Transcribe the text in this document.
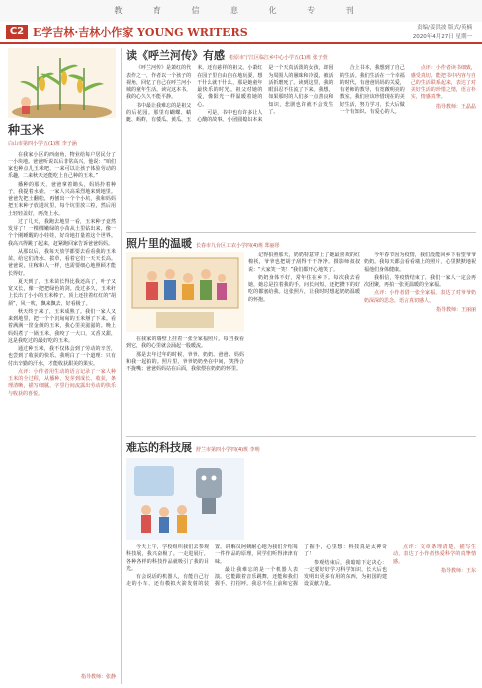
教 育 信 息 化 专 刊
C2 E学吉林·吉林小作家 YOUNG WRITERS	责编/姜洪波 版式/英楠
2020年4月27日 星期一
种玉米
白山市第四小学五(1)班 李子涵

在我家小区的西南角，物业给每户居民分了一小块地。爸爸听说以后非常高兴，他说：“咱们家也种点儿玉米吧，一来可以让孩子体验劳动的乐趣，二来秋天还能吃上自己种的玉米。”

播种的那天，爸爸拿着锄头，妈妈拎着种子，我提着水壶，一家人兴高采烈地来到地里。爸爸先把土翻松，再刨出一个个小坑，我和妈妈把玉米种子放进坑里，每个坑里放三粒，然后用土轻轻盖好，再浇上水。

过了几天，我跑去地里一看，玉米种子竟然发芽了！一棵棵嫩绿的小苗从土里钻出来，像一个个刚睡醒的小娃娃，好奇地打量着这个世界。我高兴得跳了起来，赶紧跑回家告诉爸爸妈妈。

从那以后，我每天放学都要去看看我的玉米苗。给它们浇水、拔草，看着它们一天天长高。爸爸说，庄稼和人一样，也需要细心地照顾才能长得好。

夏天到了，玉米苗长得比我还高了，叶子又宽又长，像一把把绿色的剑。没过多久，玉米秆上长出了小小的玉米棒子，顶上还挂着红红的“胡须”，风一吹，飘来飘去，好看极了。

秋天终于来了，玉米成熟了。我们一家人又来到地里，把一个个沉甸甸的玉米掰了下来。看着满满一筐金黄的玉米，我心里美滋滋的。晚上妈妈煮了一锅玉米，我咬了一大口，又香又甜，这是我吃过的最好吃的玉米。

通过种玉米，我不仅体会到了劳动的辛苦，也尝到了收获的快乐。我明白了一个道理：只有付出辛勤的汗水，才能收获甜美的果实。

点评：小作者用生动的语言记录了一家人种玉米的全过程，从播种、发芽到成长、收获，条理清晰，描写细腻，字里行间流露出劳动的快乐与收获的喜悦。

指导教师：张静
读《呼兰河传》有感 松原市宁江区临江乡中心小学五(1)班 张子萱

《呼兰河传》是萧红的代表作之一，作者以一个孩子的视角，回忆了自己在呼兰河小城的童年生活。读完这本书，我的心久久不能平静。

书中最让我难忘的是祖父的后花园。那里有蝴蝶、蜻蜓、蚂蚱，有倭瓜、黄瓜、玉米，还有慈祥的祖父。小萧红在园子里自由自在地玩耍，想干什么就干什么，那是她童年最快乐的时光。祖父对她的爱，像阳光一样温暖着她的心。

可是，书中也有许多让人心酸的故事。小团圆媳妇本来是一个天真活泼的女孩，却因为周围人的愚昧和冷漠，被活活折磨死了。读到这里，我的眼泪忍不住流了下来。我想，如果那时的人们多一点善良和知识，悲剧也许就不会发生了。

合上书本，我想到了自己的生活。我们生活在一个幸福的时代，有爸爸妈妈的关爱，有老师的教导，有宽敞明亮的教室。我们应该珍惜现在的美好生活，努力学习，长大后做一个有知识、有爱心的人。

点评：小作者读书细致，感受真切，能把书中内容与自己的生活联系起来，表达了对美好生活的珍惜之情，语言朴实，情感真挚。

指导教师：王晶晶
照片里的温暖 长春市九台区工农小学四(4)班 郑丽彤

在我家的墙壁上挂着一张全家福照片。每当我看到它，我的心里就会涌起一股暖流。

那是去年过年的时候，爷爷、奶奶、爸爸、妈妈和我一起拍的。照片里，爷爷奶奶坐在中间，笑得合不拢嘴；爸爸妈妈站在后面，我依偎在奶奶的怀里。

记得拍照那天，奶奶特意穿上了她最喜欢的红棉袄，爷爷也把胡子刮得干干净净。摄影师叔叔说：“大家笑一笑！”我们都开心地笑了。

奶奶身体不好，常年住在乡下。每次我去看她，她总是拉着我的手，问长问短，还把攒下的好吃的都塞给我。这张照片，让我时时想起奶奶温暖的怀抱。

今年春节因为疫情，我们没能回乡下看望爷爷奶奶。我每天都会看看墙上的照片，心里默默地祝福他们身体健康。

我相信，等疫情结束了，我们一家人一定会再次团聚，再拍一张更温暖的全家福。

点评：小作者借一张全家福，表达了对爷爷奶奶深深的思念，语言真切感人。

指导教师：王丽丽
难忘的科技展 舒兰市第四小学四(4)班 李明

今天上午，学校组织我们去参观科技展，我兴奋极了。一走进展厅，各种各样的科技作品就吸引了我的目光。

有会说话的机器人，有能自己行走的小车，还有模拟火箭发射的装置。讲解员阿姨耐心地为我们介绍每一件作品的原理，同学们听得津津有味。

最让我难忘的是一个机器人表演。它能跟着音乐跳舞，还能和我们握手、打招呼。我忍不住上前和它握了握手，心里想：科技真是太神奇了！

参观结束后，我暗暗下定决心：一定要好好学习科学知识，长大后也发明出更多有用的东西，为祖国的建设贡献力量。

点评：文章条理清楚，描写生动，表达了小作者热爱科学的真挚情感。

指导教师：王东
